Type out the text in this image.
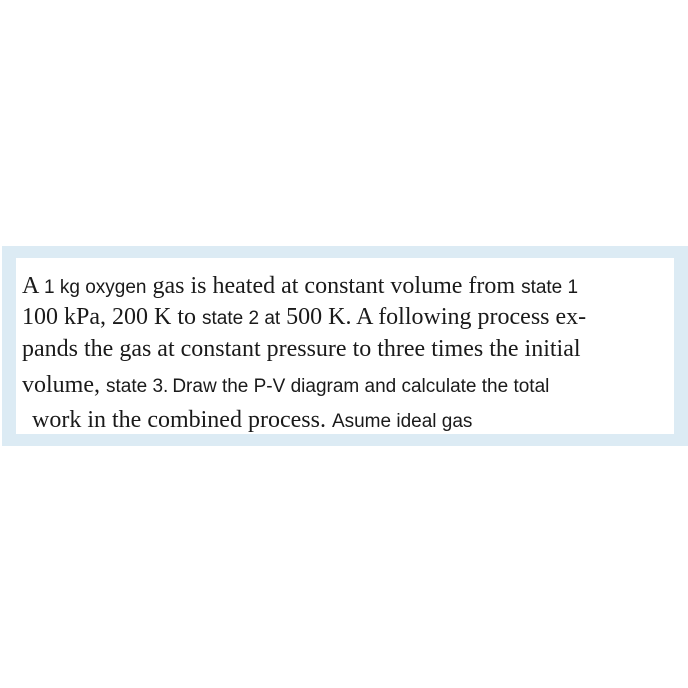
A 1 kg oxygen gas is heated at constant volume from state 1
100 kPa, 200 K to state 2 at 500 K. A following process ex-
pands the gas at constant pressure to three times the initial
volume, state 3. Draw the P-V diagram and calculate the total
work in the combined process. Asume ideal gas
